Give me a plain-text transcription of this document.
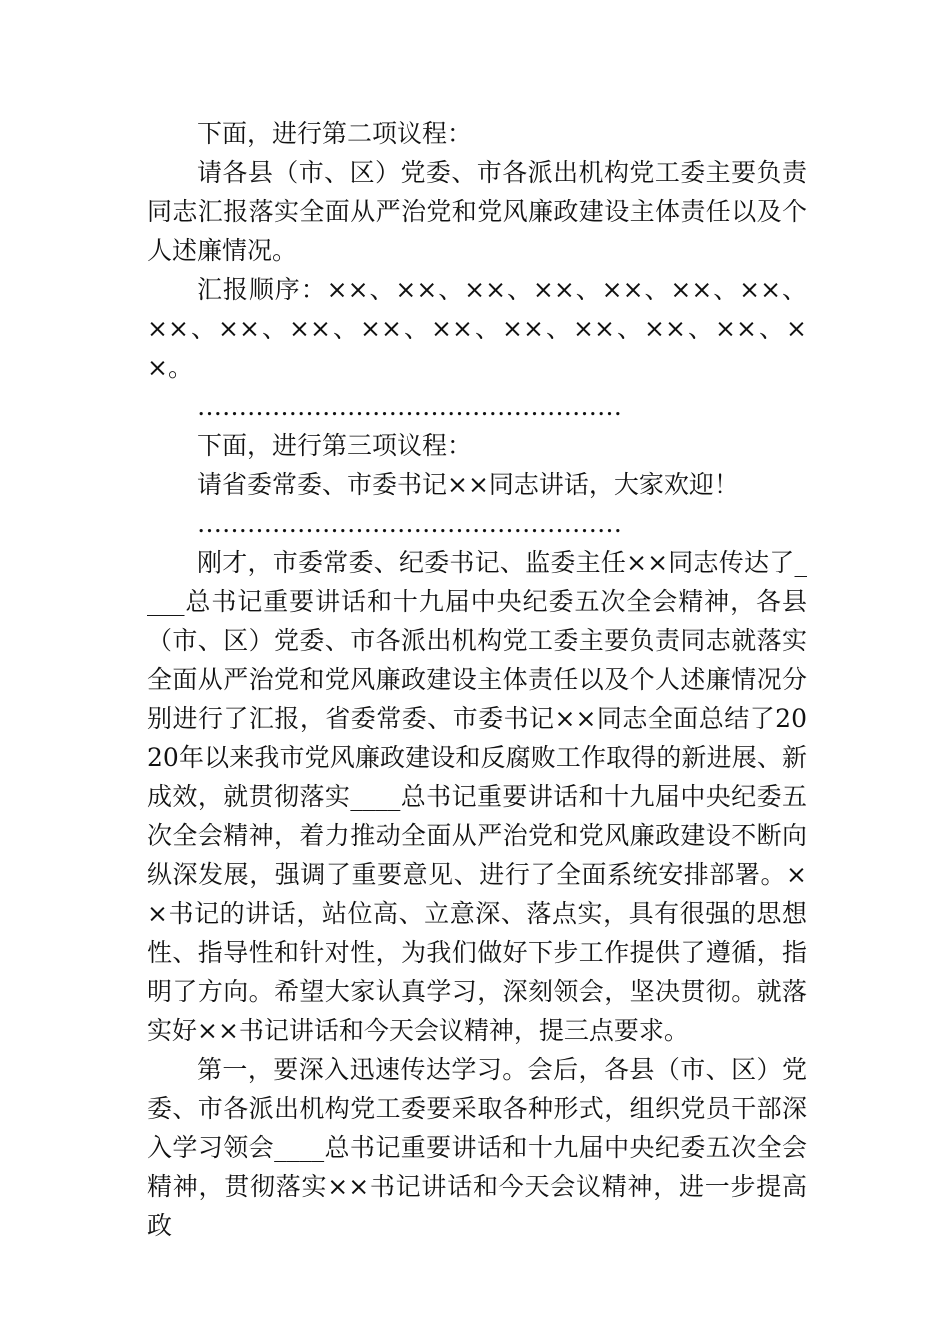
下面，进行第二项议程：

请各县（市、区）党委、市各派出机构党工委主要负责同志汇报落实全面从严治党和党风廉政建设主体责任以及个人述廉情况。

汇报顺序：××、××、××、××、××、××、××、××、××、××、××、××、××、××、××、××、××。

……………………………………………

下面，进行第三项议程：

请省委常委、市委书记××同志讲话，大家欢迎！

……………………………………………

刚才，市委常委、纪委书记、监委主任××同志传达了____总书记重要讲话和十九届中央纪委五次全会精神，各县（市、区）党委、市各派出机构党工委主要负责同志就落实全面从严治党和党风廉政建设主体责任以及个人述廉情况分别进行了汇报，省委常委、市委书记××同志全面总结了2020年以来我市党风廉政建设和反腐败工作取得的新进展、新成效，就贯彻落实____总书记重要讲话和十九届中央纪委五次全会精神，着力推动全面从严治党和党风廉政建设不断向纵深发展，强调了重要意见、进行了全面系统安排部署。××书记的讲话，站位高、立意深、落点实，具有很强的思想性、指导性和针对性，为我们做好下步工作提供了遵循，指明了方向。希望大家认真学习，深刻领会，坚决贯彻。就落实好××书记讲话和今天会议精神，提三点要求。

第一，要深入迅速传达学习。会后，各县（市、区）党委、市各派出机构党工委要采取各种形式，组织党员干部深入学习领会____总书记重要讲话和十九届中央纪委五次全会精神，贯彻落实××书记讲话和今天会议精神，进一步提高政
